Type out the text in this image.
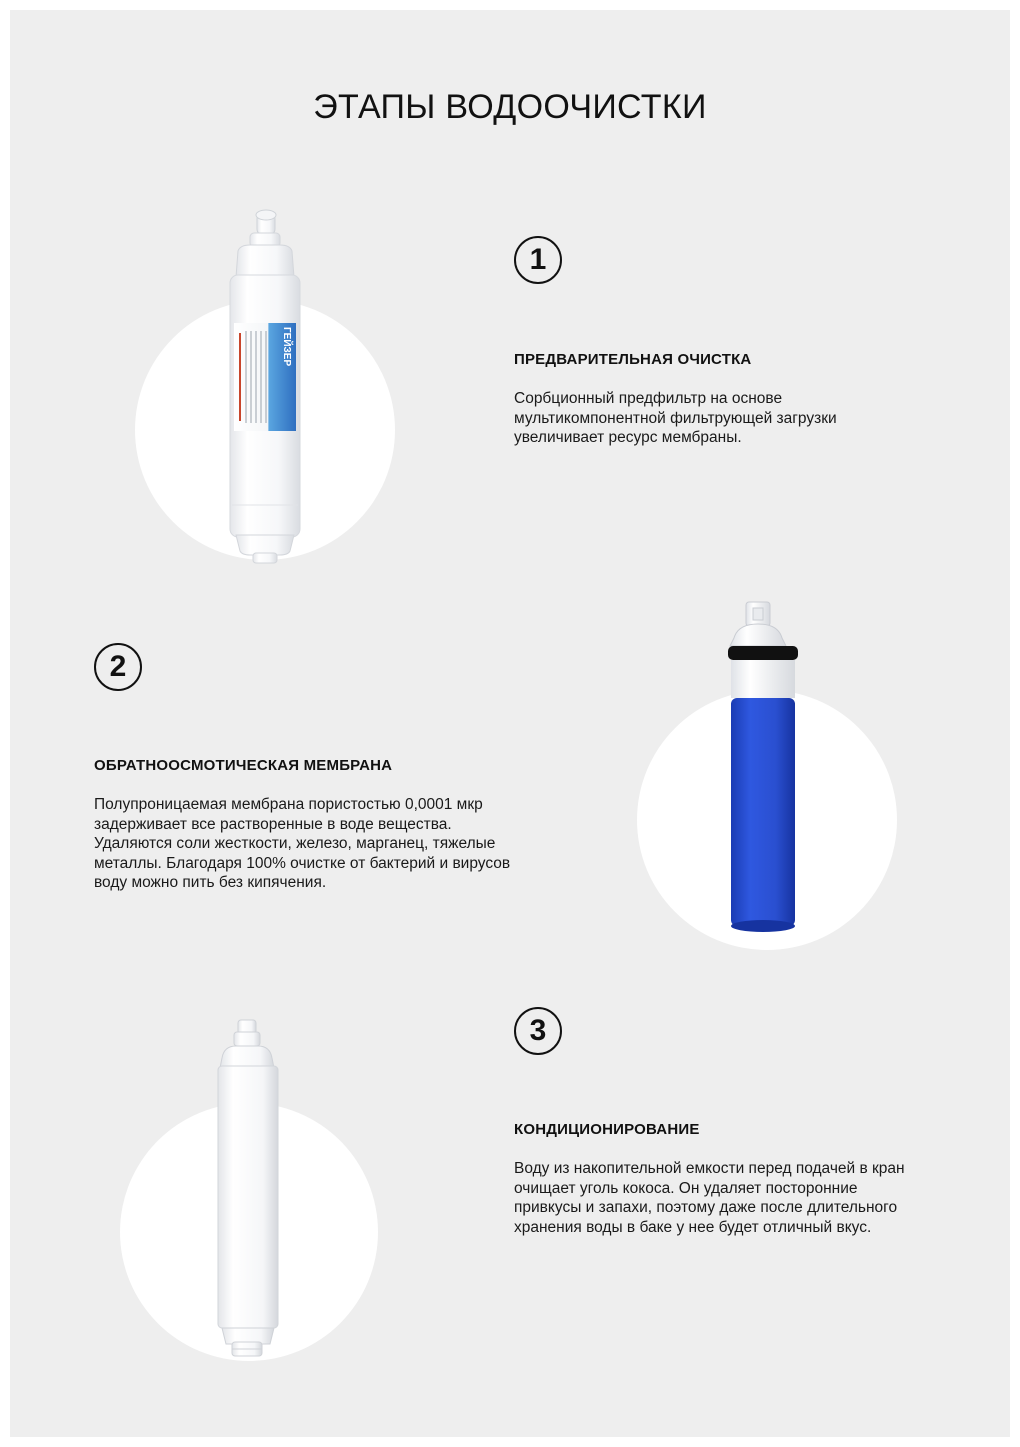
ЭТАПЫ ВОДООЧИСТКИ
ГЕЙЗЕР
1
ПРЕДВАРИТЕЛЬНАЯ ОЧИСТКА

Сорбционный предфильтр на основе мультикомпонентной фильтрующей загрузки увеличивает ресурс мембраны.

2
ОБРАТНООСМОТИЧЕСКАЯ МЕМБРАНА

Полупроницаемая мембрана пористостью 0,0001 мкр задерживает все растворенные в воде вещества. Удаляются соли жесткости, железо, марганец, тяжелые металлы. Благодаря 100% очистке от бактерий и вирусов воду можно пить без кипячения.

3
КОНДИЦИОНИРОВАНИЕ

Воду из накопительной емкости перед подачей в кран очищает уголь кокоса. Он удаляет посторонние привкусы и запахи, поэтому даже после длительного хранения воды в баке у нее будет отличный вкус.
